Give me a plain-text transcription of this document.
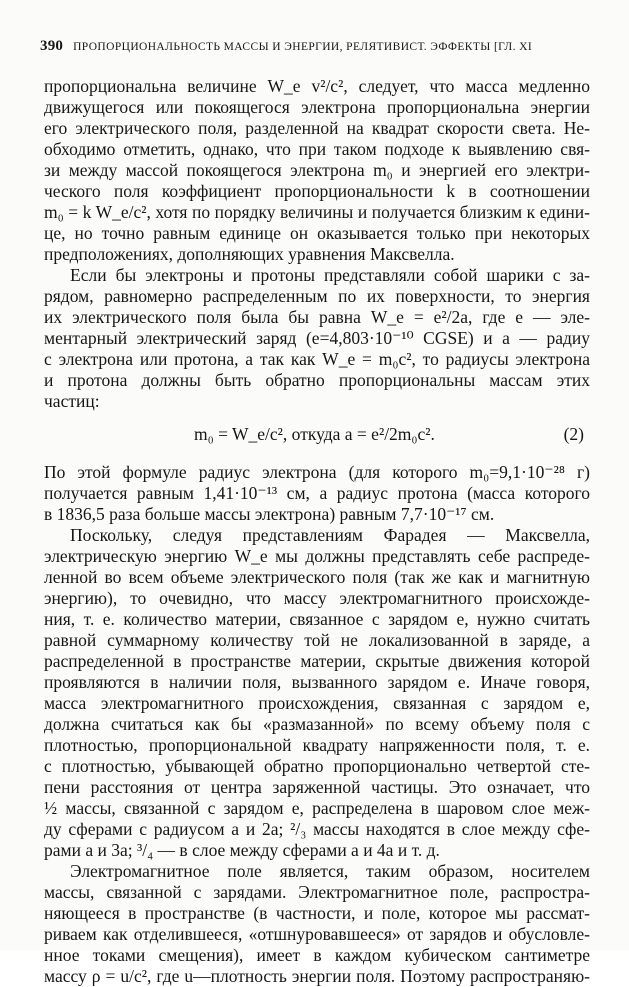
390 ПРОПОРЦИОНАЛЬНОСТЬ МАССЫ И ЭНЕРГИИ, РЕЛЯТИВИСТ. ЭФФЕКТЫ [ГЛ. XI

пропорциональна величине W_e v²/c², следует, что масса медленно
движущегося или покоящегося электрона пропорциональна энергии
его электрического поля, разделенной на квадрат скорости света. Не-
обходимо отметить, однако, что при таком подходе к выявлению свя-
зи между массой покоящегося электрона m₀ и энергией его электри-
ческого поля коэффициент пропорциональности k в соотношении
m₀ = k W_e/c², хотя по порядку величины и получается близким к едини-
це, но точно равным единице он оказывается только при некоторых
предположениях, дополняющих уравнения Максвелла.

Если бы электроны и протоны представляли собой шарики с за-
рядом, равномерно распределенным по их поверхности, то энергия
их электрического поля была бы равна W_e = e²/2a, где e — эле-
ментарный электрический заряд (e=4,803·10⁻¹⁰ CGSE) и a — радиу
с электрона или протона, а так как W_e = m₀c², то радиусы электрона
и протона должны быть обратно пропорциональны массам этих
частиц:

m₀ = W_e/c², откуда a = e²/2m₀c².	(2)

По этой формуле радиус электрона (для которого m₀=9,1·10⁻²⁸ г)
получается равным 1,41·10⁻¹³ см, а радиус протона (масса которого
в 1836,5 раза больше массы электрона) равным 7,7·10⁻¹⁷ см.

Поскольку, следуя представлениям Фарадея — Максвелла,
электрическую энергию W_e мы должны представлять себе распреде-
ленной во всем объеме электрического поля (так же как и магнитную
энергию), то очевидно, что массу электромагнитного происхожде-
ния, т. е. количество материи, связанное с зарядом e, нужно считать
равной суммарному количеству той не локализованной в заряде, а
распределенной в пространстве материи, скрытые движения которой
проявляются в наличии поля, вызванного зарядом e. Иначе говоря,
масса электромагнитного происхождения, связанная с зарядом e,
должна считаться как бы «размазанной» по всему объему поля с
плотностью, пропорциональной квадрату напряженности поля, т. е.
с плотностью, убывающей обратно пропорционально четвертой сте-
пени расстояния от центра заряженной частицы. Это означает, что
½ массы, связанной с зарядом e, распределена в шаровом слое меж-
ду сферами с радиусом a и 2a; ²/₃ массы находятся в слое между сфе-
рами a и 3a; ³/₄ — в слое между сферами a и 4a и т. д.

Электромагнитное поле является, таким образом, носителем
массы, связанной с зарядами. Электромагнитное поле, распростра-
няющееся в пространстве (в частности, и поле, которое мы рассмат-
риваем как отделившееся, «отшнуровавшееся» от зарядов и обусловле-
нное токами смещения), имеет в каждом кубическом сантиметре
массу ρ = u/c², где u—плотность энергии поля. Поэтому распространяю-
